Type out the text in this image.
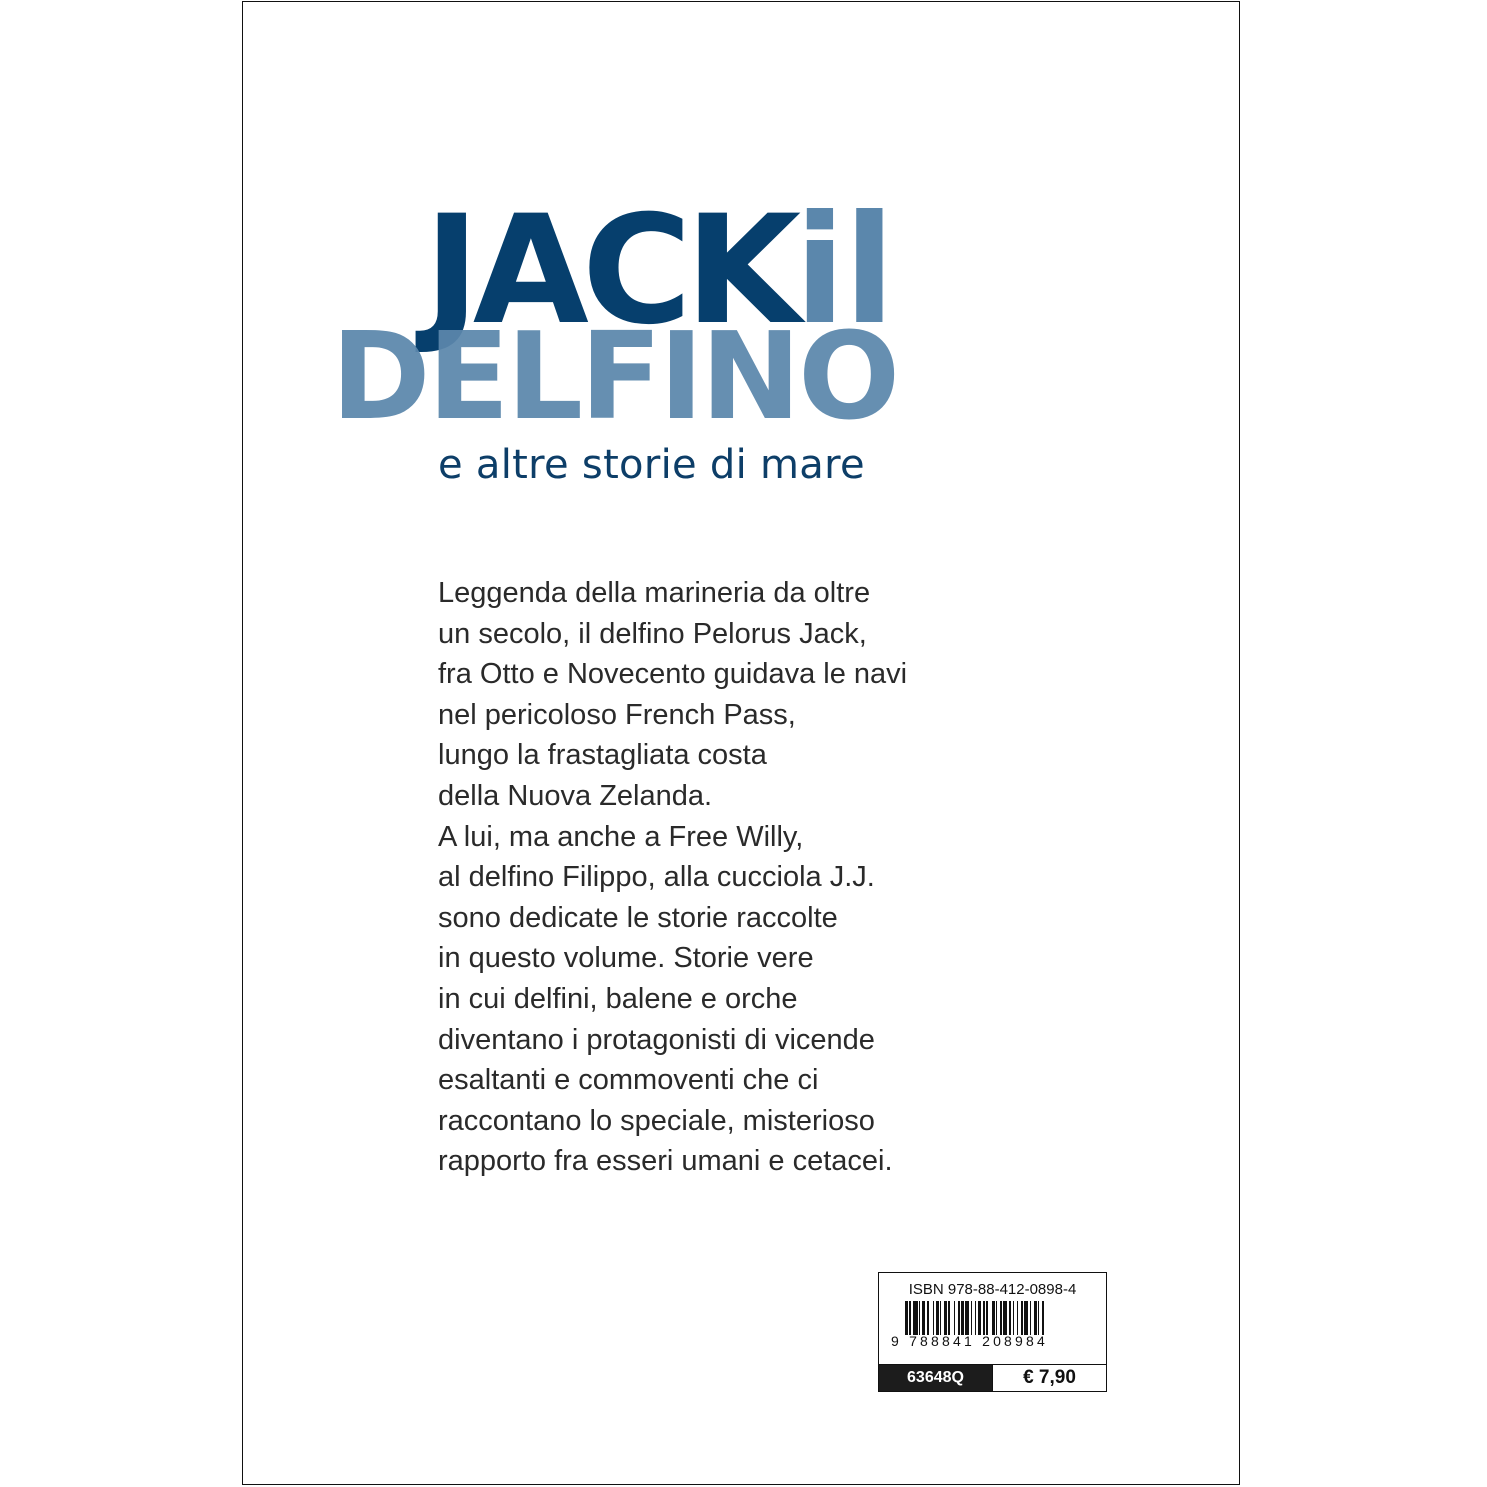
JACKil
DELFINO
e altre storie di mare
Leggenda della marineria da oltre
un secolo, il delfino Pelorus Jack,
fra Otto e Novecento guidava le navi
nel pericoloso French Pass,
lungo la frastagliata costa
della Nuova Zelanda.
A lui, ma anche a Free Willy,
al delfino Filippo, alla cucciola J.J.
sono dedicate le storie raccolte
in questo volume. Storie vere
in cui delfini, balene e orche
diventano i protagonisti di vicende
esaltanti e commoventi che ci
raccontano lo speciale, misterioso
rapporto fra esseri umani e cetacei.
ISBN 978-88-412-0898-4
9 788841 208984
63648Q	€ 7,90
